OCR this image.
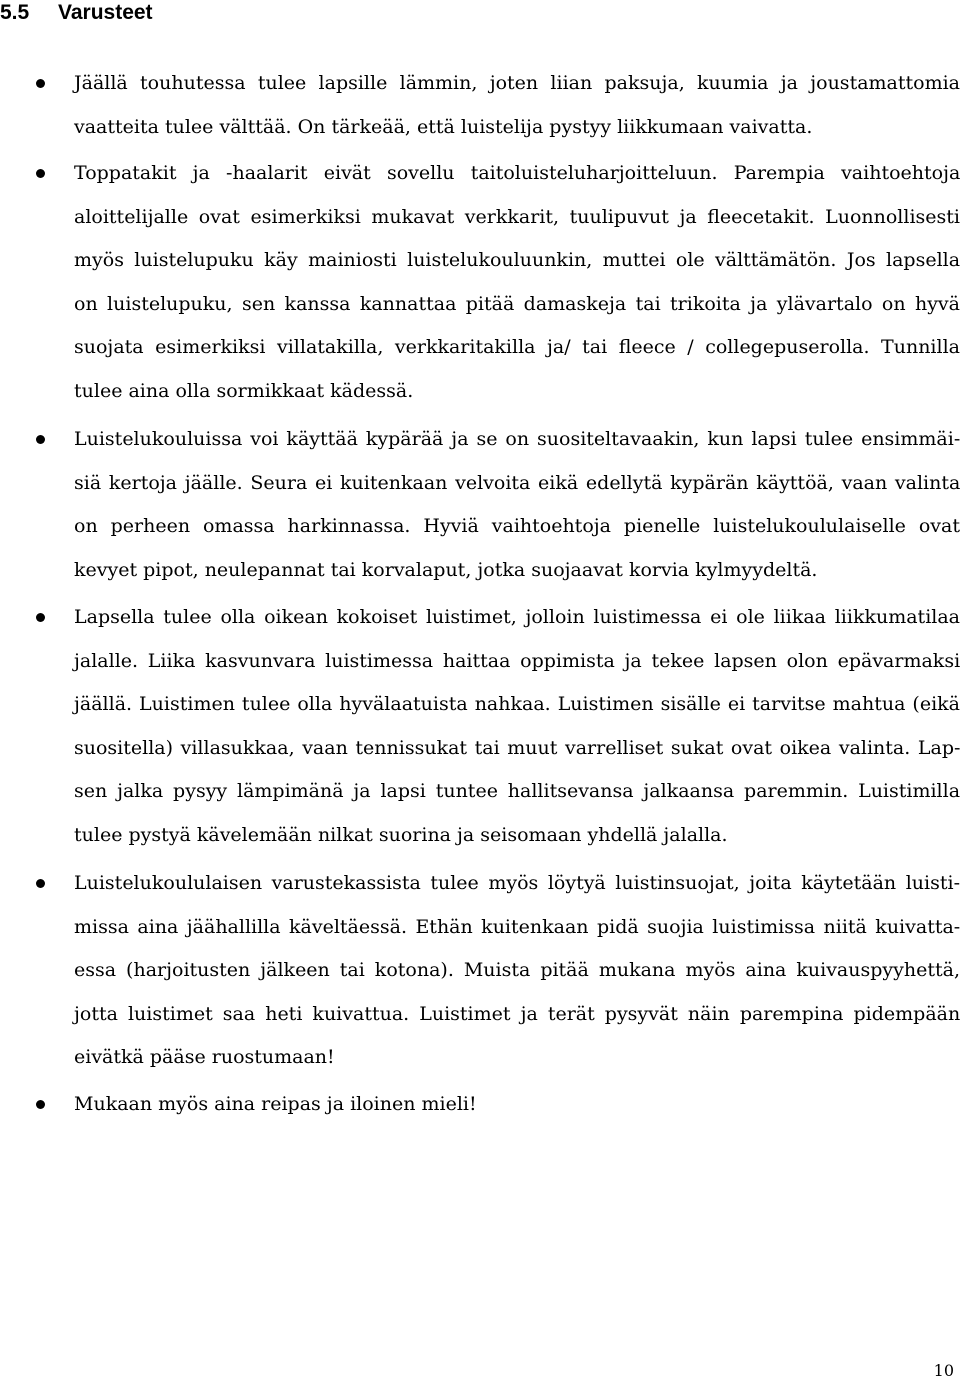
5.5 Varusteet
Jäällä touhutessa tulee lapsille lämmin, joten liian paksuja, kuumia ja joustamattomia
vaatteita tulee välttää. On tärkeää, että luistelija pystyy liikkumaan vaivatta.
Toppatakit ja -haalarit eivät sovellu taitoluisteluharjoitteluun. Parempia vaihtoehtoja
aloittelijalle ovat esimerkiksi mukavat verkkarit, tuulipuvut ja fleecetakit. Luonnollisesti
myös luistelupuku käy mainiosti luistelukouluunkin, muttei ole välttämätön. Jos lapsella
on luistelupuku, sen kanssa kannattaa pitää damaskeja tai trikoita ja ylävartalo on hyvä
suojata esimerkiksi villatakilla, verkkaritakilla ja/ tai fleece / collegepuserolla. Tunnilla
tulee aina olla sormikkaat kädessä.
Luistelukouluissa voi käyttää kypärää ja se on suositeltavaakin, kun lapsi tulee ensimmäi-
siä kertoja jäälle. Seura ei kuitenkaan velvoita eikä edellytä kypärän käyttöä, vaan valinta
on perheen omassa harkinnassa. Hyviä vaihtoehtoja pienelle luistelukoululaiselle ovat
kevyet pipot, neulepannat tai korvalaput, jotka suojaavat korvia kylmyydeltä.
Lapsella tulee olla oikean kokoiset luistimet, jolloin luistimessa ei ole liikaa liikkumatilaa
jalalle. Liika kasvunvara luistimessa haittaa oppimista ja tekee lapsen olon epävarmaksi
jäällä. Luistimen tulee olla hyvälaatuista nahkaa. Luistimen sisälle ei tarvitse mahtua (eikä
suositella) villasukkaa, vaan tennissukat tai muut varrelliset sukat ovat oikea valinta. Lap-
sen jalka pysyy lämpimänä ja lapsi tuntee hallitsevansa jalkaansa paremmin. Luistimilla
tulee pystyä kävelemään nilkat suorina ja seisomaan yhdellä jalalla.
Luistelukoululaisen varustekassista tulee myös löytyä luistinsuojat, joita käytetään luisti-
missa aina jäähallilla käveltäessä. Ethän kuitenkaan pidä suojia luistimissa niitä kuivatta-
essa (harjoitusten jälkeen tai kotona). Muista pitää mukana myös aina kuivauspyyhettä,
jotta luistimet saa heti kuivattua. Luistimet ja terät pysyvät näin parempina pidempään
eivätkä pääse ruostumaan!
Mukaan myös aina reipas ja iloinen mieli!
10
